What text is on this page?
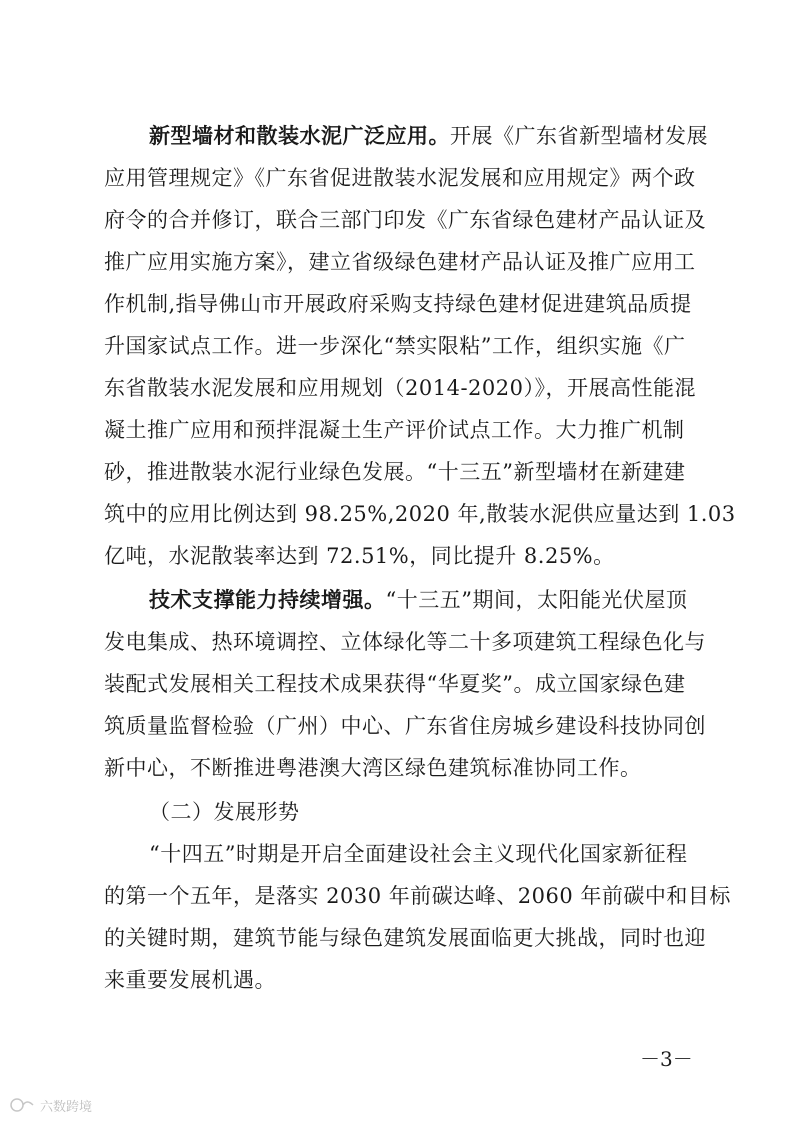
新型墙材和散装水泥广泛应用。开展《广东省新型墙材发展
应用管理规定》《广东省促进散装水泥发展和应用规定》两个政
府令的合并修订，联合三部门印发《广东省绿色建材产品认证及
推广应用实施方案》，建立省级绿色建材产品认证及推广应用工
作机制,指导佛山市开展政府采购支持绿色建材促进建筑品质提
升国家试点工作。进一步深化“禁实限粘”工作，组织实施《广
东省散装水泥发展和应用规划（2014-2020）》，开展高性能混
凝土推广应用和预拌混凝土生产评价试点工作。大力推广机制
砂，推进散装水泥行业绿色发展。“十三五”新型墙材在新建建
筑中的应用比例达到 98.25%,2020 年,散装水泥供应量达到 1.03
亿吨，水泥散装率达到 72.51%，同比提升 8.25%。
技术支撑能力持续增强。“十三五”期间，太阳能光伏屋顶
发电集成、热环境调控、立体绿化等二十多项建筑工程绿色化与
装配式发展相关工程技术成果获得“华夏奖”。成立国家绿色建
筑质量监督检验（广州）中心、广东省住房城乡建设科技协同创
新中心，不断推进粤港澳大湾区绿色建筑标准协同工作。
（二）发展形势
“十四五”时期是开启全面建设社会主义现代化国家新征程
的第一个五年，是落实 2030 年前碳达峰、2060 年前碳中和目标
的关键时期，建筑节能与绿色建筑发展面临更大挑战，同时也迎
来重要发展机遇。
－3－
六数跨境
